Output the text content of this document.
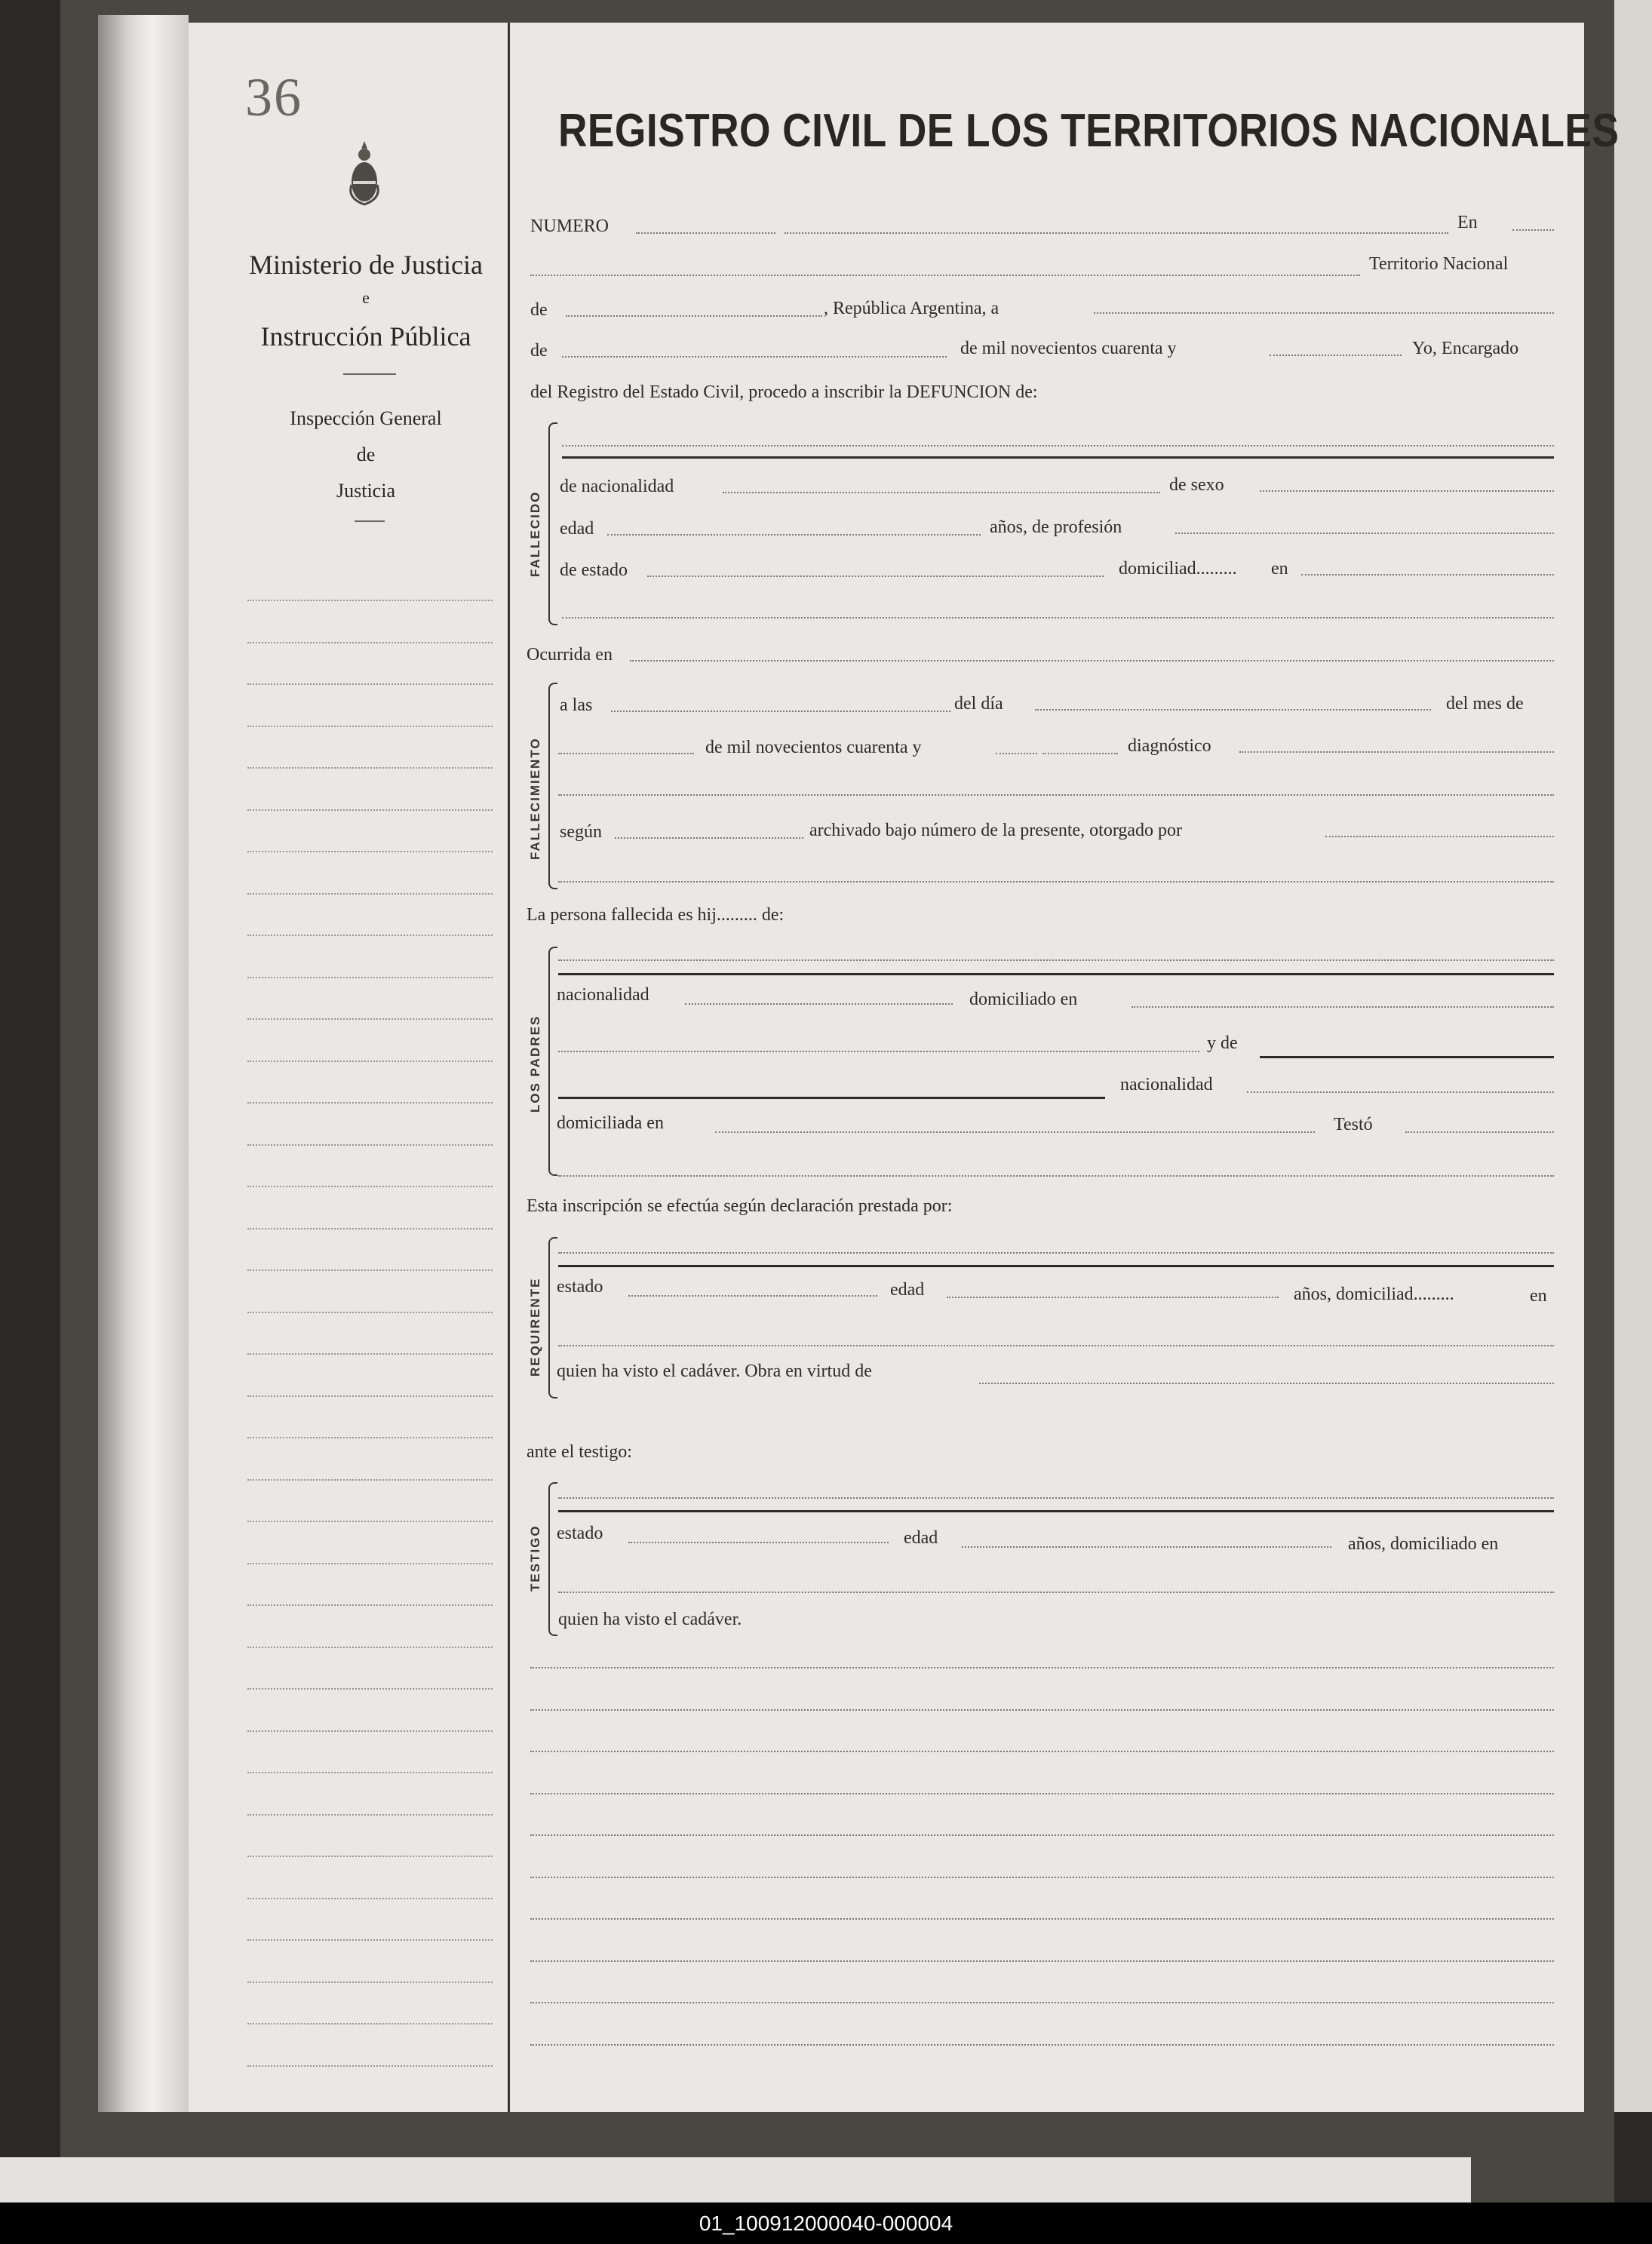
36
Ministerio de Justicia
e
Instrucción Pública
Inspección General
de
Justicia
REGISTRO CIVIL DE LOS TERRITORIOS NACIONALES
NUMERO	En
Territorio Nacional
de	, República Argentina, a
de	de mil novecientos cuarenta y	Yo, Encargado
del Registro del Estado Civil, procedo a inscribir la DEFUNCION de:
FALLECIDO
de nacionalidad	de sexo
edad	años, de profesión
de estado	domiciliad......... en
Ocurrida en
FALLECIMIENTO
a las	del día	del mes de
de mil novecientos cuarenta y	diagnóstico
según	archivado bajo número de la presente, otorgado por
La persona fallecida es hij......... de:
LOS PADRES
nacionalidad	domiciliado en
y de
nacionalidad
domiciliada en	Testó
Esta inscripción se efectúa según declaración prestada por:
REQUIRENTE estado	edad	años, domiciliad.........	en
quien ha visto el cadáver. Obra en virtud de
ante el testigo:
TESTIGO estado	edad	años, domiciliado en
quien ha visto el cadáver.
01_100912000040-000004
